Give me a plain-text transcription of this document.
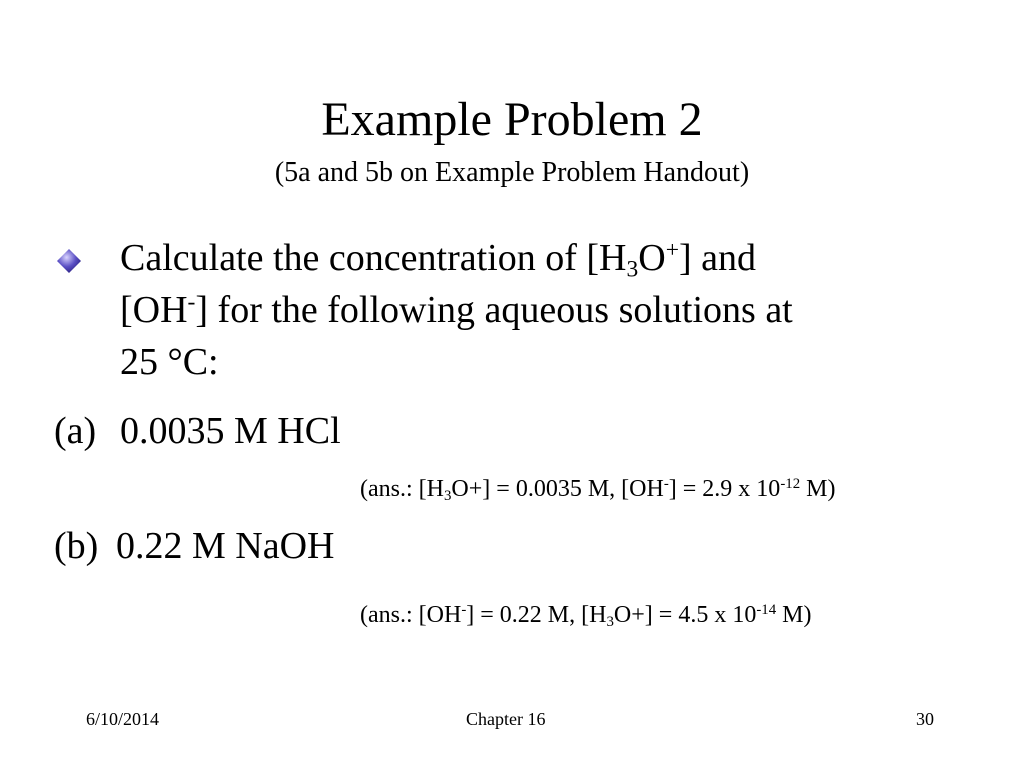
Example Problem 2
(5a and 5b on Example Problem Handout)
Calculate the concentration of $[H_3O^+]$ and
[OH-] for the following aqueous solutions at
25 °C:
(a) 0.0035 M HCl
(ans.: $[H_3O+] = 0.0035$ M, [OH-] = 2.9 x $10^{-12}$ M)
(b) 0.22 M NaOH
(ans.: [OH-] = 0.22 M, $[H_3O+] = 4.5$ x $10^{-14}$ M)
6/10/2014	Chapter 16	30
